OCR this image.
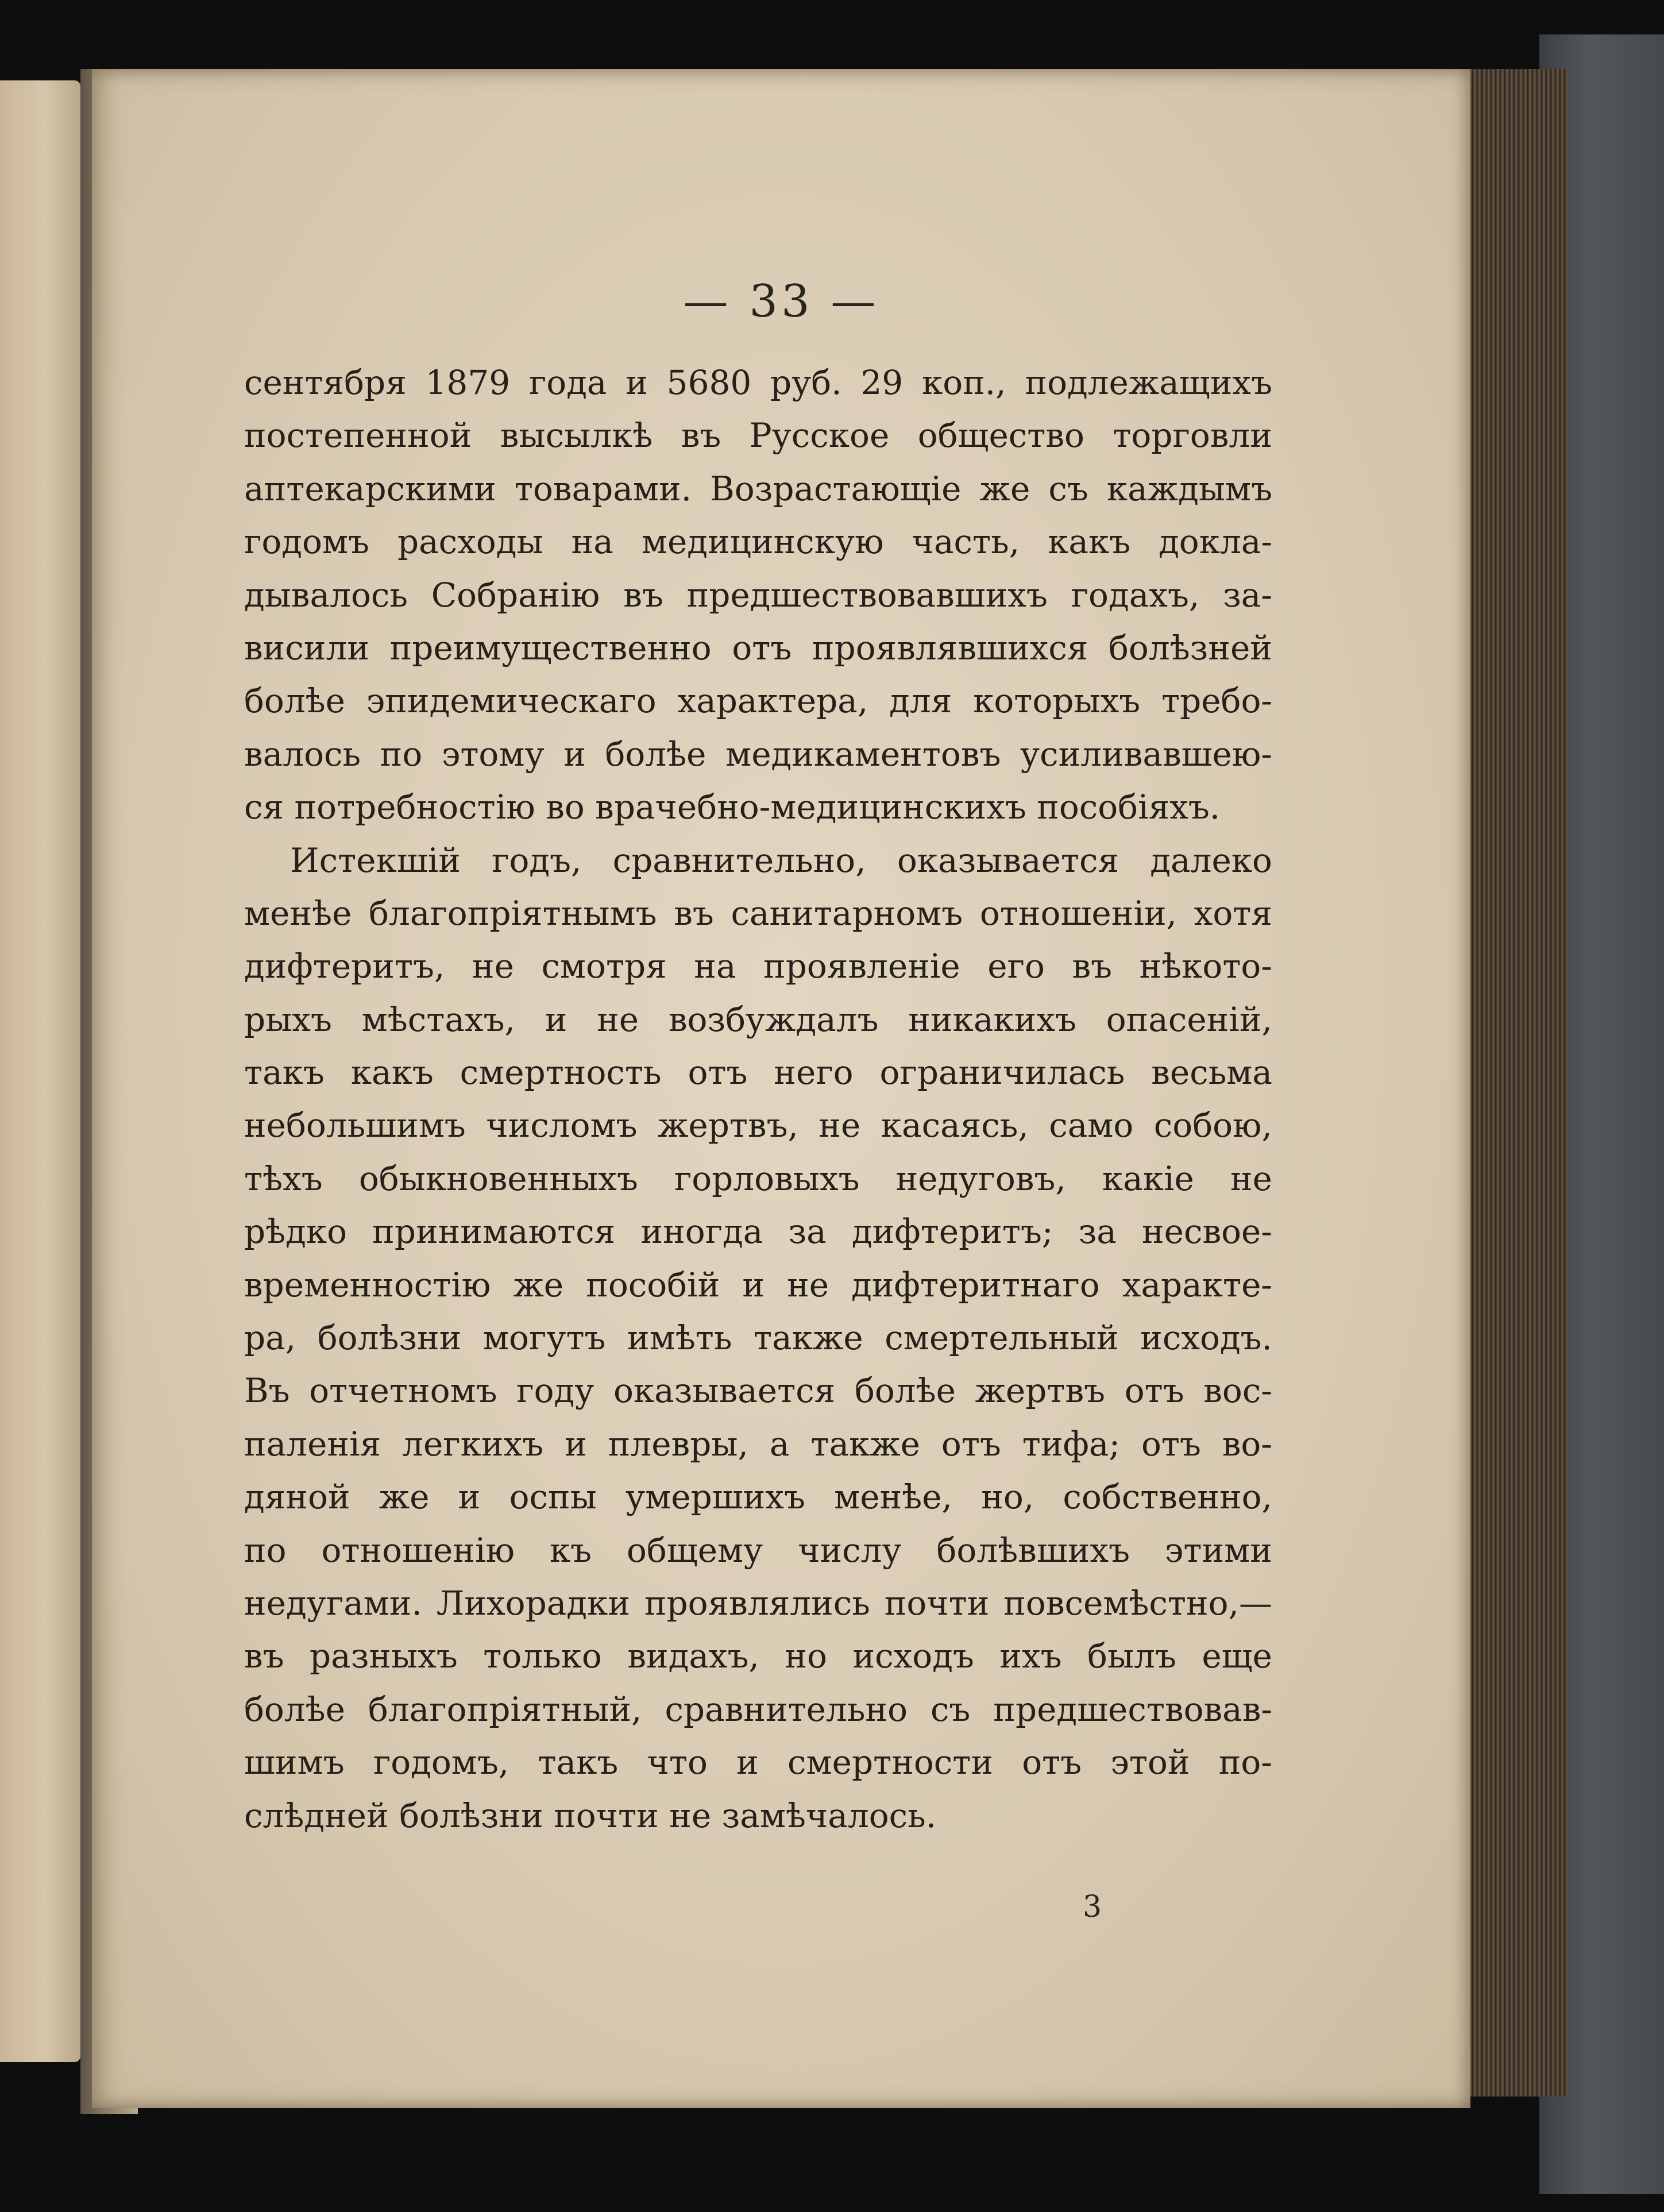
— 33 —
сентября 1879 года и 5680 руб. 29 коп., подлежащихъ
постепенной высылкѣ въ Русское общество торговли
аптекарскими товарами. Возрастающіе же съ каждымъ
годомъ расходы на медицинскую часть, какъ докла-
дывалось Собранію въ предшествовавшихъ годахъ, за-
висили преимущественно отъ проявлявшихся болѣзней
болѣе эпидемическаго характера, для которыхъ требо-
валось по этому и болѣе медикаментовъ усиливавшею-
ся потребностію во врачебно-медицинскихъ пособіяхъ.
Истекшій годъ, сравнительно, оказывается далеко
менѣе благопріятнымъ въ санитарномъ отношеніи, хотя
дифтеритъ, не смотря на проявленіе его въ нѣкото-
рыхъ мѣстахъ, и не возбуждалъ никакихъ опасеній,
такъ какъ смертность отъ него ограничилась весьма
небольшимъ числомъ жертвъ, не касаясь, само собою,
тѣхъ обыкновенныхъ горловыхъ недуговъ, какіе не
рѣдко принимаются иногда за дифтеритъ; за несвое-
временностію же пособій и не дифтеритнаго характе-
ра, болѣзни могутъ имѣть также смертельный исходъ.
Въ отчетномъ году оказывается болѣе жертвъ отъ вос-
паленія легкихъ и плевры, а также отъ тифа; отъ во-
дяной же и оспы умершихъ менѣе, но, собственно,
по отношенію къ общему числу болѣвшихъ этими
недугами. Лихорадки проявлялись почти повсемѣстно,—
въ разныхъ только видахъ, но исходъ ихъ былъ еще
болѣе благопріятный, сравнительно съ предшествовав-
шимъ годомъ, такъ что и смертности отъ этой по-
слѣдней болѣзни почти не замѣчалось.
3
